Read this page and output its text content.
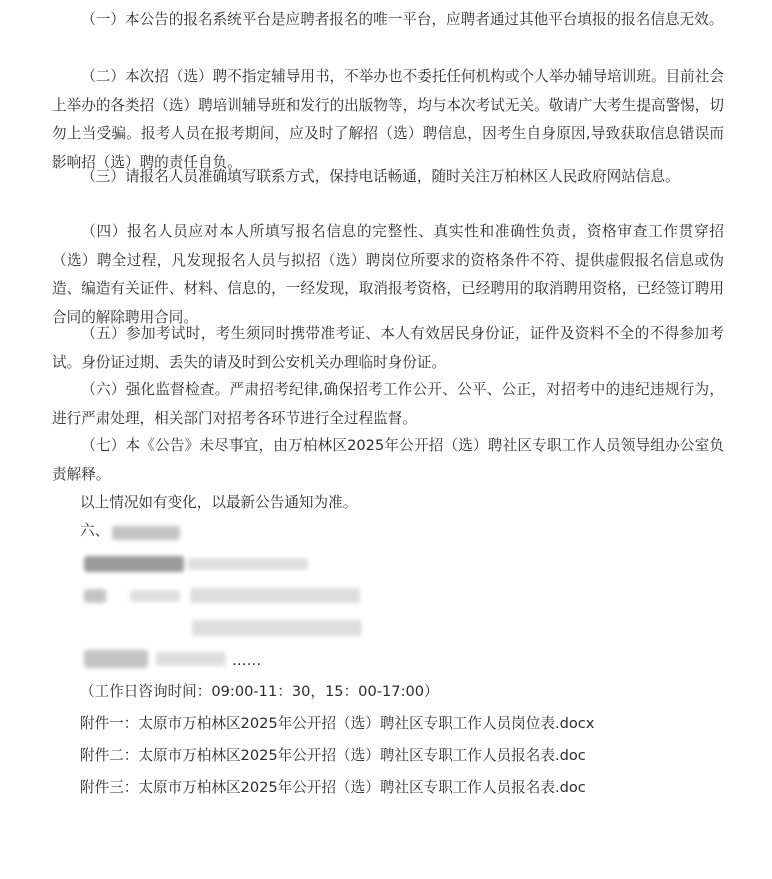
（一）本公告的报名系统平台是应聘者报名的唯一平台，应聘者通过其他平台填报的报名信息无效。

（二）本次招（选）聘不指定辅导用书，不举办也不委托任何机构或个人举办辅导培训班。目前社会上举办的各类招（选）聘培训辅导班和发行的出版物等，均与本次考试无关。敬请广大考生提高警惕，切勿上当受骗。报考人员在报考期间，应及时了解招（选）聘信息，因考生自身原因,导致获取信息错误而影响招（选）聘的责任自负。

（三）请报名人员准确填写联系方式，保持电话畅通，随时关注万柏林区人民政府网站信息。

（四）报名人员应对本人所填写报名信息的完整性、真实性和准确性负责，资格审查工作贯穿招（选）聘全过程，凡发现报名人员与拟招（选）聘岗位所要求的资格条件不符、提供虚假报名信息或伪造、编造有关证件、材料、信息的，一经发现，取消报考资格，已经聘用的取消聘用资格，已经签订聘用合同的解除聘用合同。

（五）参加考试时，考生须同时携带准考证、本人有效居民身份证，证件及资料不全的不得参加考试。身份证过期、丢失的请及时到公安机关办理临时身份证。

（六）强化监督检查。严肃招考纪律,确保招考工作公开、公平、公正，对招考中的违纪违规行为，进行严肃处理，相关部门对招考各环节进行全过程监督。

（七）本《公告》未尽事宜，由万柏林区2025年公开招（选）聘社区专职工作人员领导组办公室负责解释。

以上情况如有变化，以最新公告通知为准。

六、

……

（工作日咨询时间：09:00-11：30，15：00-17:00）

附件一：太原市万柏林区2025年公开招（选）聘社区专职工作人员岗位表.docx

附件二：太原市万柏林区2025年公开招（选）聘社区专职工作人员报名表.doc

附件三：太原市万柏林区2025年公开招（选）聘社区专职工作人员报名表.doc
